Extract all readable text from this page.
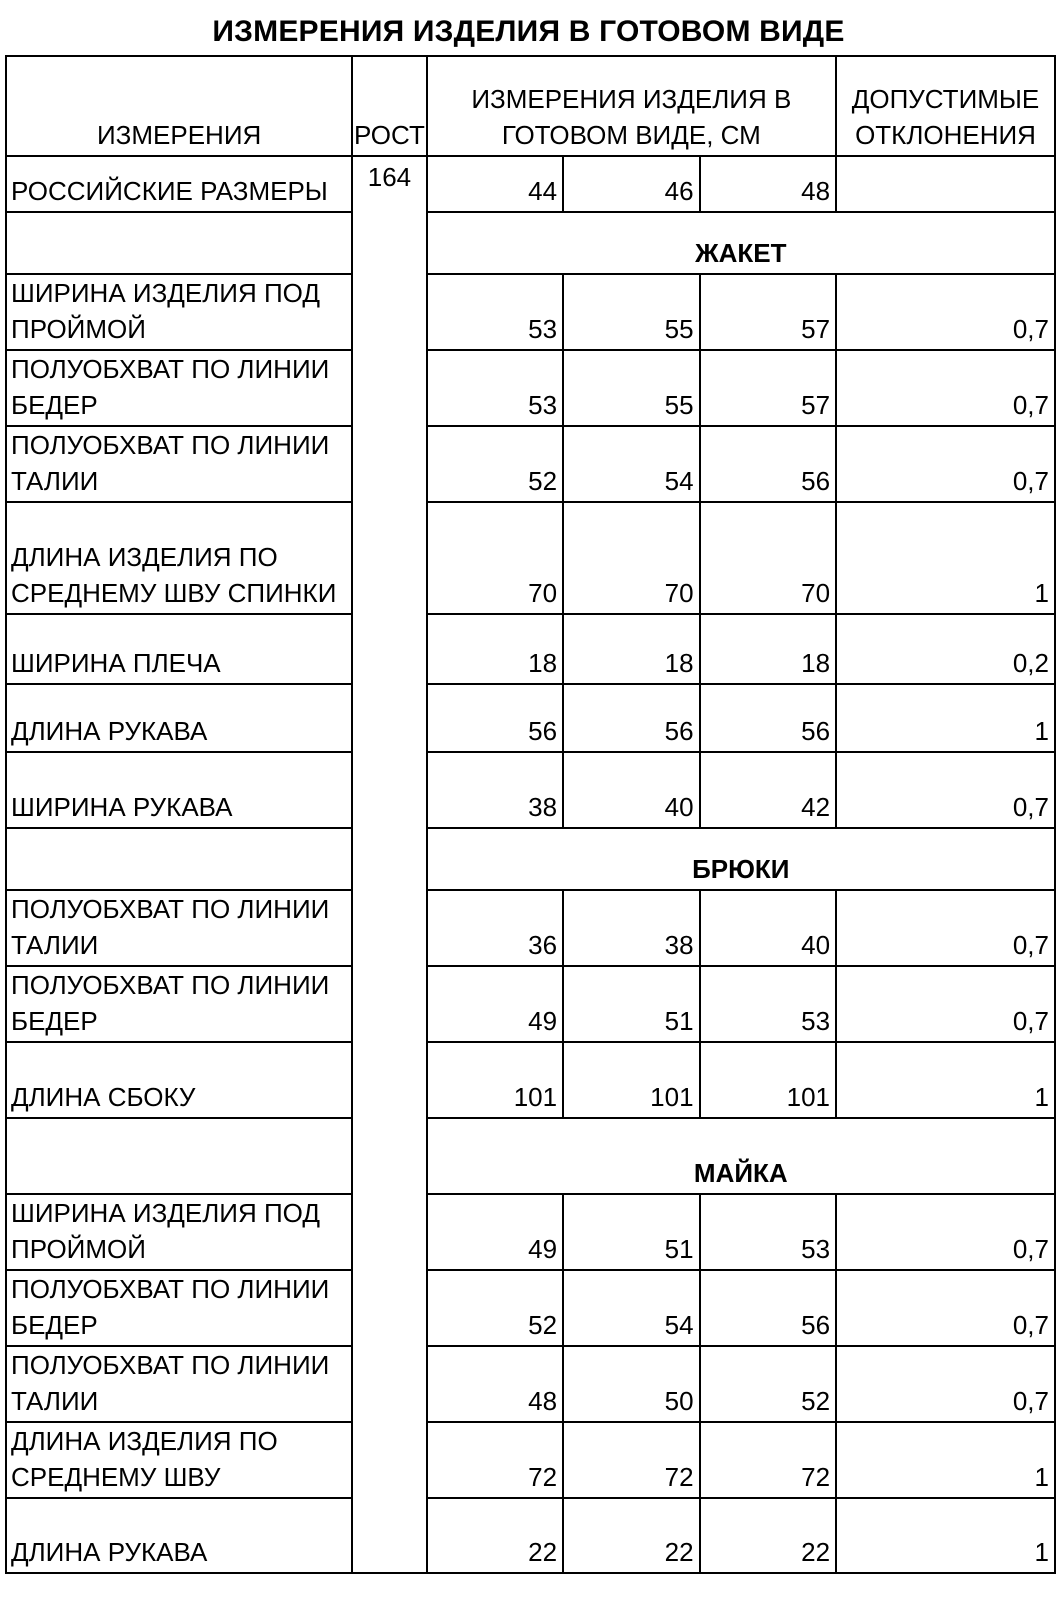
ИЗМЕРЕНИЯ ИЗДЕЛИЯ В ГОТОВОМ ВИДЕ
ИЗМЕРЕНИЯ	РОСТ	ИЗМЕРЕНИЯ ИЗДЕЛИЯ В ГОТОВОМ ВИДЕ, СМ			ДОПУСТИМЫЕ ОТКЛОНЕНИЯ
РОССИЙСКИЕ РАЗМЕРЫ	164	44	46	48	
		ЖАКЕТ			
ШИРИНА ИЗДЕЛИЯ ПОД ПРОЙМОЙ		53	55	57	0,7
ПОЛУОБХВАТ ПО ЛИНИИ БЕДЕР		53	55	57	0,7
ПОЛУОБХВАТ ПО ЛИНИИ ТАЛИИ		52	54	56	0,7
ДЛИНА ИЗДЕЛИЯ ПО СРЕДНЕМУ ШВУ СПИНКИ		70	70	70	1
ШИРИНА ПЛЕЧА		18	18	18	0,2
ДЛИНА РУКАВА		56	56	56	1
ШИРИНА РУКАВА		38	40	42	0,7
		БРЮКИ			
ПОЛУОБХВАТ ПО ЛИНИИ ТАЛИИ		36	38	40	0,7
ПОЛУОБХВАТ ПО ЛИНИИ БЕДЕР		49	51	53	0,7
ДЛИНА СБОКУ		101	101	101	1
		МАЙКА			
ШИРИНА ИЗДЕЛИЯ ПОД ПРОЙМОЙ		49	51	53	0,7
ПОЛУОБХВАТ ПО ЛИНИИ БЕДЕР		52	54	56	0,7
ПОЛУОБХВАТ ПО ЛИНИИ ТАЛИИ		48	50	52	0,7
ДЛИНА ИЗДЕЛИЯ ПО СРЕДНЕМУ ШВУ		72	72	72	1
ДЛИНА РУКАВА		22	22	22	1
